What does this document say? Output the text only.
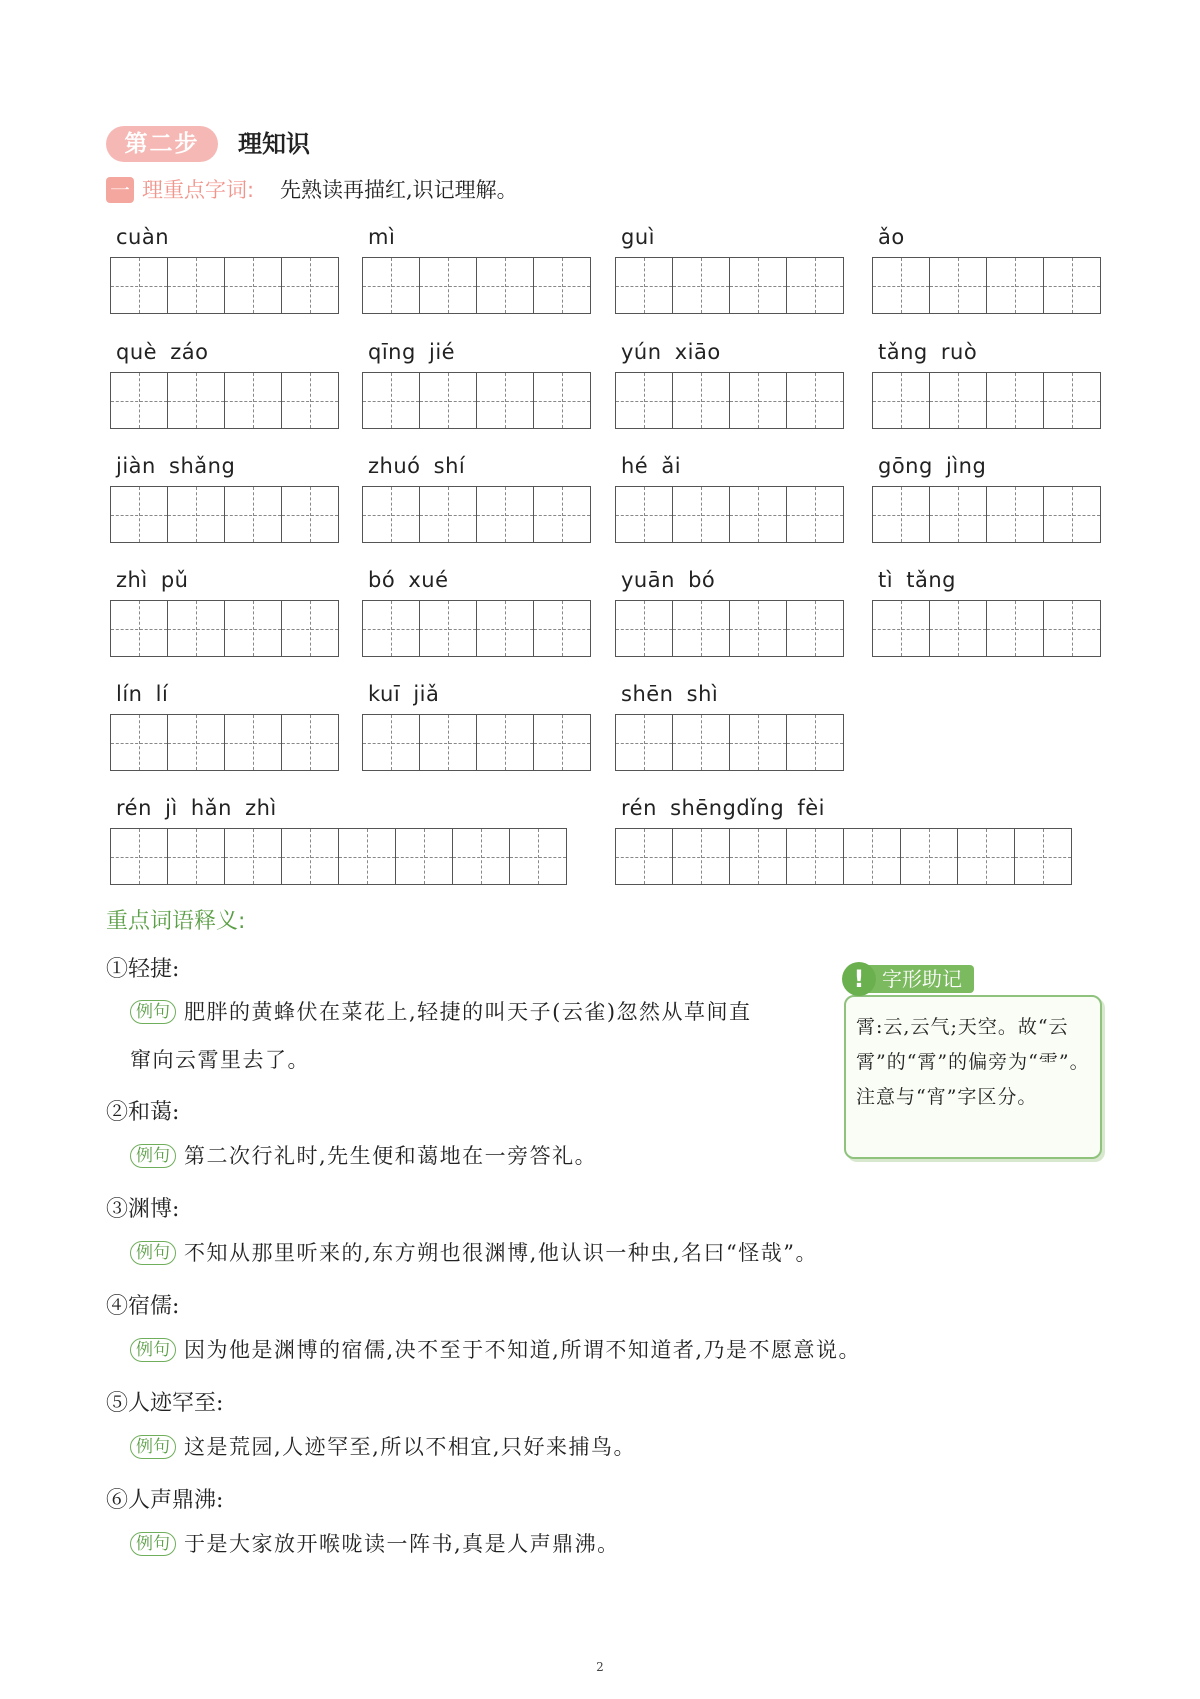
第二步	理知识
一 理重点字词: 先熟读再描红,识记理解。
cuàn	mì	guì	ǎo
què záo	qīng jié	yún xiāo	tǎng ruò
jiàn shǎng	zhuó shí	hé ǎi	gōng jìng
zhì pǔ	bó xué	yuān bó	tì tǎng
lín lí	kuī jiǎ	shēn shì
rén jì hǎn zhì	rén shēngdǐng fèi
重点词语释义:
①轻捷:
例句 肥胖的黄蜂伏在菜花上,轻捷的叫天子(云雀)忽然从草间直
窜向云霄里去了。
②和蔼:
例句 第二次行礼时,先生便和蔼地在一旁答礼。
③渊博:
例句 不知从那里听来的,东方朔也很渊博,他认识一种虫,名曰“怪哉”。
④宿儒:
例句 因为他是渊博的宿儒,决不至于不知道,所谓不知道者,乃是不愿意说。
⑤人迹罕至:
例句 这是荒园,人迹罕至,所以不相宜,只好来捕鸟。
⑥人声鼎沸:
例句 于是大家放开喉咙读一阵书,真是人声鼎沸。
! 字形助记
霄:云,云气;天空。故“云霄”的“霄”的偏旁为“⻗”。注意与“宵”字区分。
2
